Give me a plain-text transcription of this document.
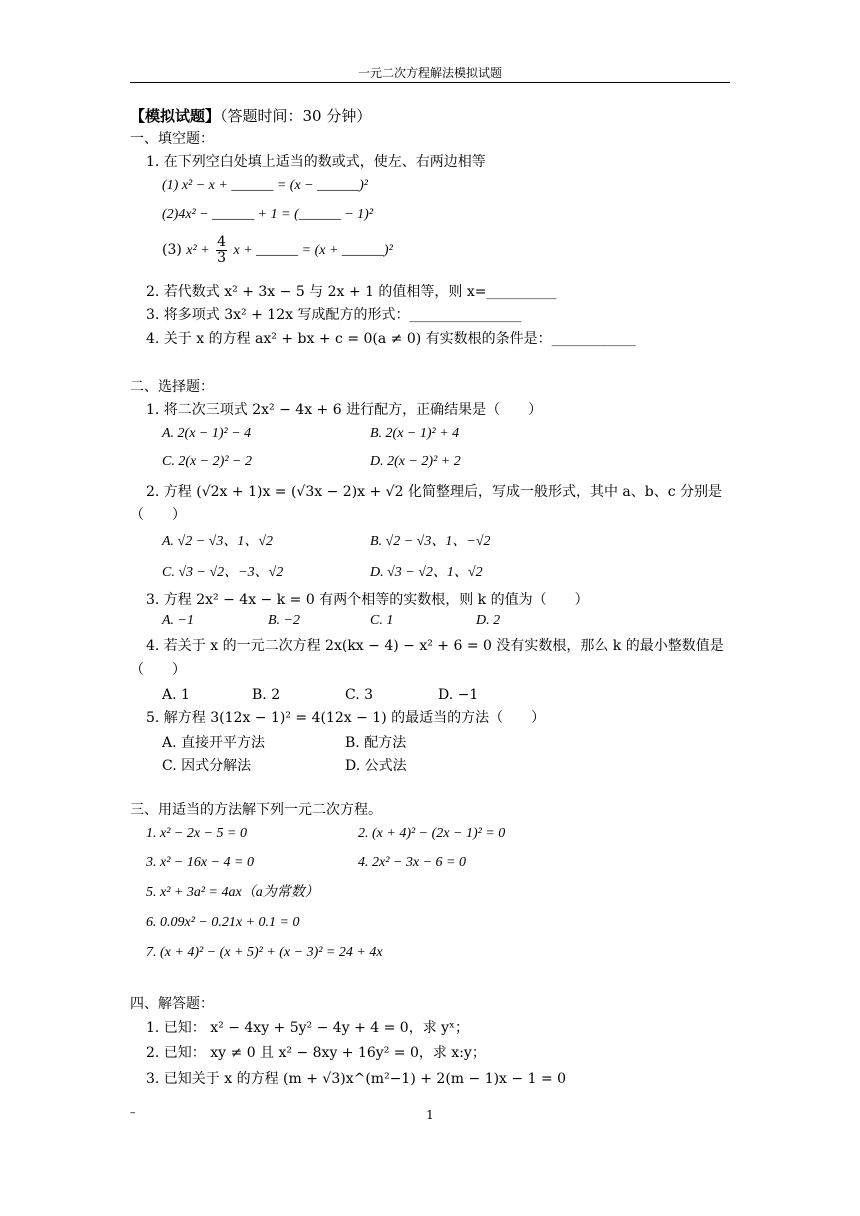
一元二次方程解法模拟试题
【模拟试题】（答题时间：30 分钟）
一、填空题：
1. 在下列空白处填上适当的数或式，使左、右两边相等
(1) x² − x + ______ = (x − ______)²
(2)4x² − ______ + 1 = (______ − 1)²
(3) $x^2 + \frac{4}{3}$ x + ______ = (x + ______)²
2. 若代数式 x² + 3x − 5 与 2x + 1 的值相等，则 x=__________
3. 将多项式 3x² + 12x 写成配方的形式：________________
4. 关于 x 的方程 ax² + bx + c = 0(a ≠ 0) 有实数根的条件是：____________
二、选择题：
1. 将二次三项式 2x² − 4x + 6 进行配方，正确结果是（　　）
A. 2(x − 1)² − 4	B. 2(x − 1)² + 4
C. 2(x − 2)² − 2	D. 2(x − 2)² + 2
2. 方程 (√2x + 1)x = (√3x − 2)x + √2 化简整理后，写成一般形式，其中 a、b、c 分别是
（　　）
A. √2 − √3、1、√2	B. √2 − √3、1、−√2
C. √3 − √2、−3、√2	D. √3 − √2、1、√2
3. 方程 2x² − 4x − k = 0 有两个相等的实数根，则 k 的值为（　　）
A. −1	B. −2	C. 1	D. 2
4. 若关于 x 的一元二次方程 2x(kx − 4) − x² + 6 = 0 没有实数根，那么 k 的最小整数值是
（　　）
A. 1	B. 2	C. 3	D. −1
5. 解方程 3(12x − 1)² = 4(12x − 1) 的最适当的方法（　　）
A. 直接开平方法	B. 配方法
C. 因式分解法	D. 公式法
三、用适当的方法解下列一元二次方程。
1. x² − 2x − 5 = 0	2. (x + 4)² − (2x − 1)² = 0
3. x² − 16x − 4 = 0	4. 2x² − 3x − 6 = 0
5. x² + 3a² = 4ax（a为常数）
6. 0.09x² − 0.21x + 0.1 = 0
7. (x + 4)² − (x + 5)² + (x − 3)² = 24 + 4x
四、解答题：
1. 已知： x² − 4xy + 5y² − 4y + 4 = 0，求 yˣ；
2. 已知： xy ≠ 0 且 x² − 8xy + 16y² = 0，求 x:y；
3. 已知关于 x 的方程 (m + √3)x^(m²−1) + 2(m − 1)x − 1 = 0
–	1
